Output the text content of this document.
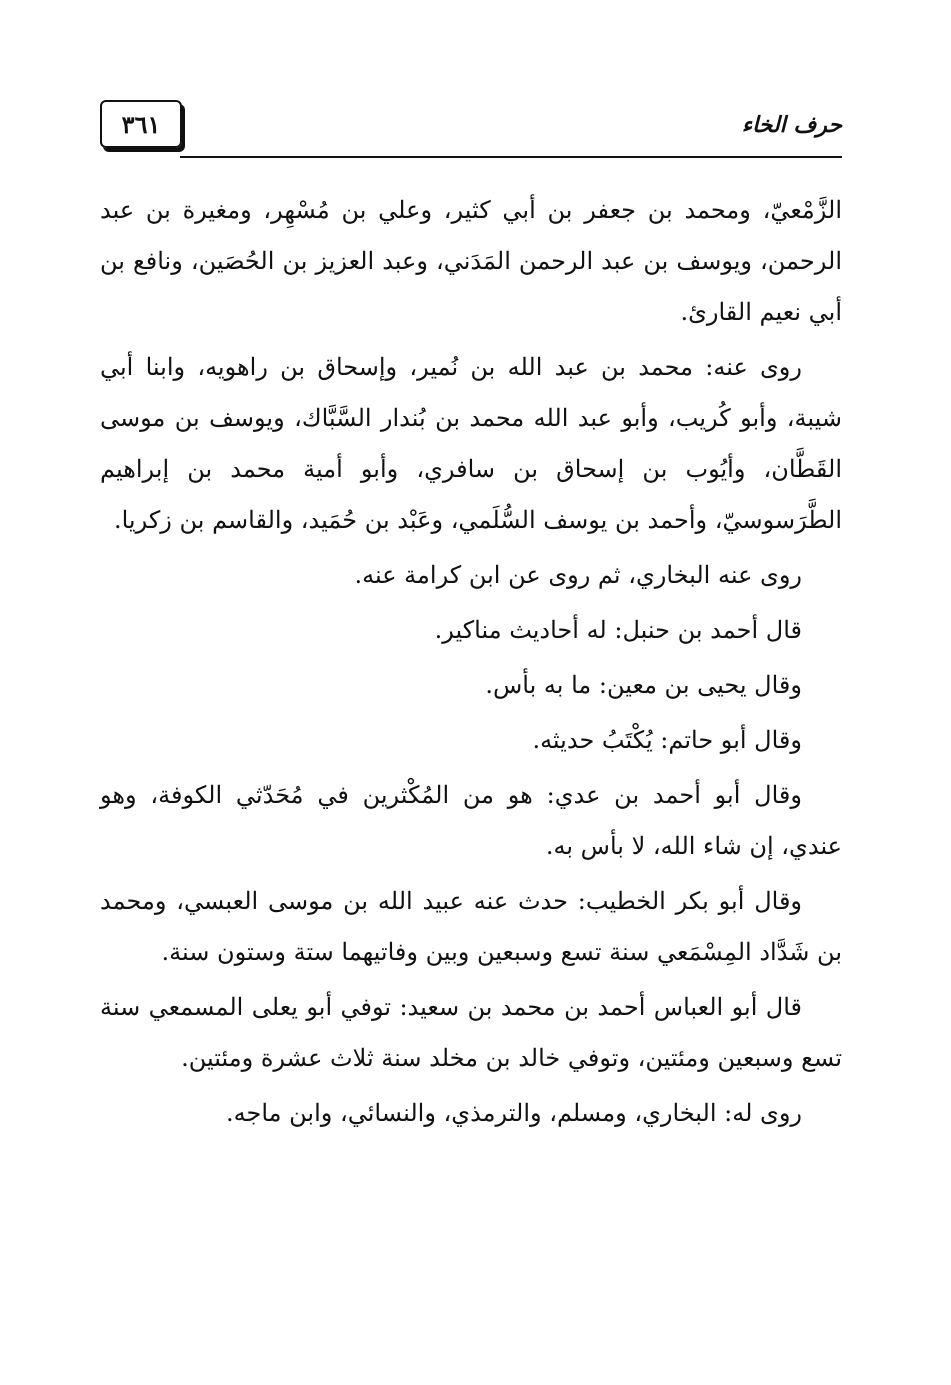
٣٦١	حرف الخاء

الزَّمْعيّ، ومحمد بن جعفر بن أبي كثير، وعلي بن مُسْهِر، ومغيرة بن عبد الرحمن، ويوسف بن عبد الرحمن المَدَني، وعبد العزيز بن الحُصَين، ونافع بن أبي نعيم القارئ.

روى عنه: محمد بن عبد الله بن نُمير، وإسحاق بن راهويه، وابنا أبي شيبة، وأبو كُريب، وأبو عبد الله محمد بن بُندار السَّبَّاك، ويوسف بن موسى القَطَّان، وأيُوب بن إسحاق بن سافري، وأبو أمية محمد بن إبراهيم الطَّرَسوسيّ، وأحمد بن يوسف السُّلَمي، وعَبْد بن حُمَيد، والقاسم بن زكريا.

روى عنه البخاري، ثم روى عن ابن كرامة عنه.

قال أحمد بن حنبل: له أحاديث مناكير.

وقال يحيى بن معين: ما به بأس.

وقال أبو حاتم: يُكْتَبُ حديثه.

وقال أبو أحمد بن عدي: هو من المُكْثرين في مُحَدّثي الكوفة، وهو عندي، إن شاء الله، لا بأس به.

وقال أبو بكر الخطيب: حدث عنه عبيد الله بن موسى العبسي، ومحمد بن شَدَّاد المِسْمَعي سنة تسع وسبعين وبين وفاتيهما ستة وستون سنة.

قال أبو العباس أحمد بن محمد بن سعيد: توفي أبو يعلى المسمعي سنة تسع وسبعين ومئتين، وتوفي خالد بن مخلد سنة ثلاث عشرة ومئتين.

روى له: البخاري، ومسلم، والترمذي، والنسائي، وابن ماجه.
